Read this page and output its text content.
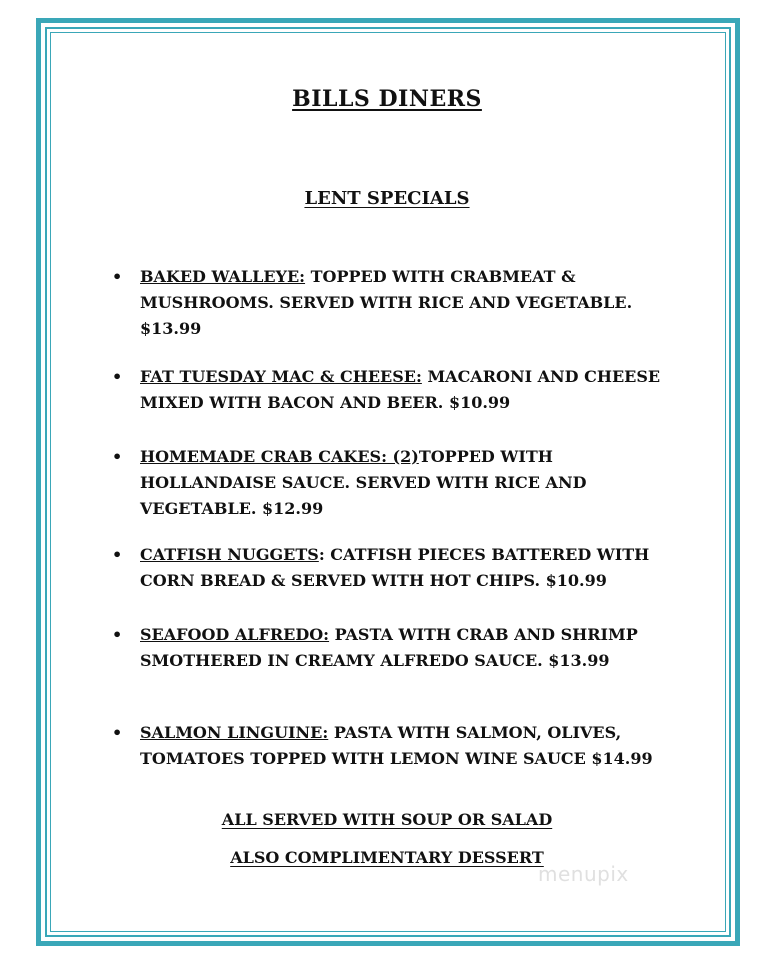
BILLS DINERS
LENT SPECIALS
•	BAKED WALLEYE: TOPPED WITH CRABMEAT & MUSHROOMS. SERVED WITH RICE AND VEGETABLE. $13.99
•	FAT TUESDAY MAC & CHEESE: MACARONI AND CHEESE MIXED WITH BACON AND BEER. $10.99
•	HOMEMADE CRAB CAKES: (2)TOPPED WITH HOLLANDAISE SAUCE. SERVED WITH RICE AND VEGETABLE. $12.99
•	CATFISH NUGGETS: CATFISH PIECES BATTERED WITH CORN BREAD & SERVED WITH HOT CHIPS. $10.99
•	SEAFOOD ALFREDO: PASTA WITH CRAB AND SHRIMP SMOTHERED IN CREAMY ALFREDO SAUCE. $13.99
•	SALMON LINGUINE: PASTA WITH SALMON, OLIVES, TOMATOES TOPPED WITH LEMON WINE SAUCE $14.99
ALL SERVED WITH SOUP OR SALAD
ALSO COMPLIMENTARY DESSERT
menupix
